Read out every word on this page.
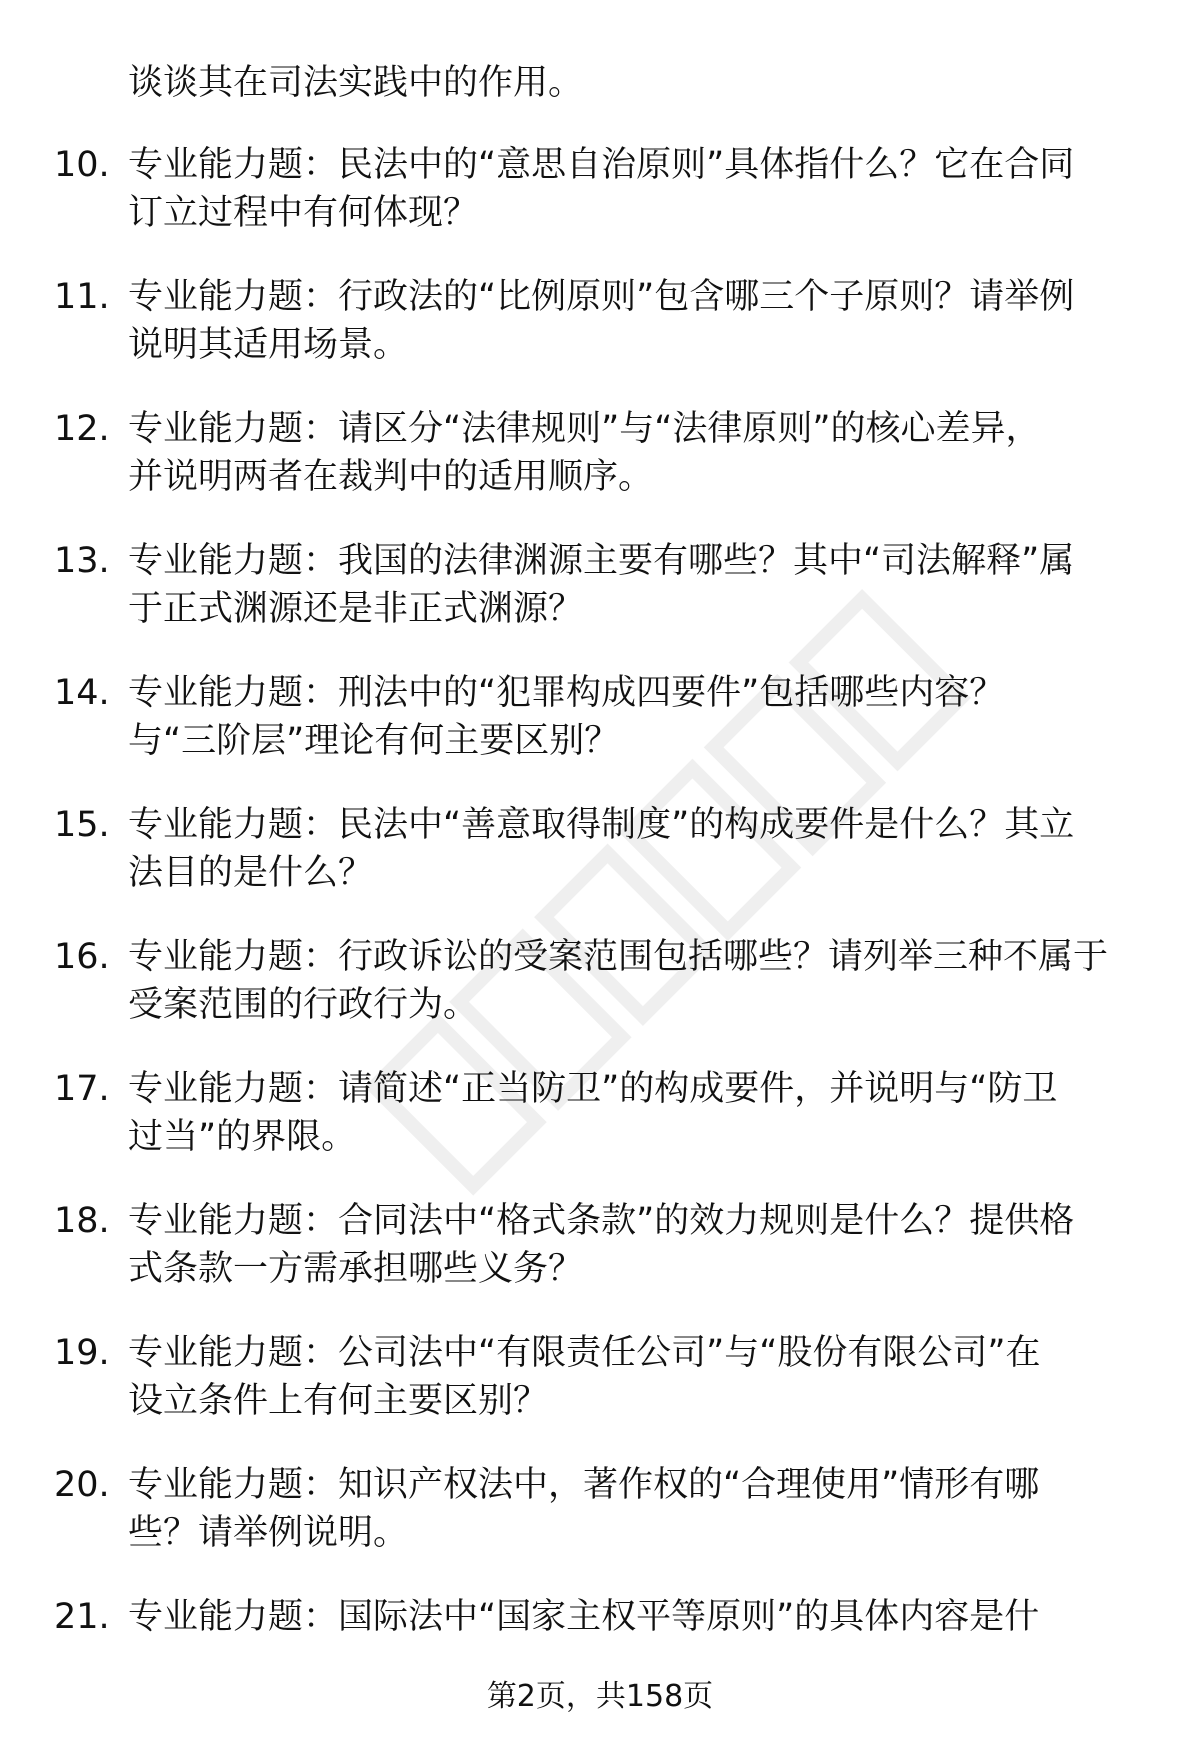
谈谈其在司法实践中的作用。
10. 专业能力题：民法中的“意思自治原则”具体指什么？它在合同
订立过程中有何体现？
11. 专业能力题：行政法的“比例原则”包含哪三个子原则？请举例
说明其适用场景。
12. 专业能力题：请区分“法律规则”与“法律原则”的核心差异，
并说明两者在裁判中的适用顺序。
13. 专业能力题：我国的法律渊源主要有哪些？其中“司法解释”属
于正式渊源还是非正式渊源？
14. 专业能力题：刑法中的“犯罪构成四要件”包括哪些内容？
与“三阶层”理论有何主要区别？
15. 专业能力题：民法中“善意取得制度”的构成要件是什么？其立
法目的是什么？
16. 专业能力题：行政诉讼的受案范围包括哪些？请列举三种不属于
受案范围的行政行为。
17. 专业能力题：请简述“正当防卫”的构成要件，并说明与“防卫
过当”的界限。
18. 专业能力题：合同法中“格式条款”的效力规则是什么？提供格
式条款一方需承担哪些义务？
19. 专业能力题：公司法中“有限责任公司”与“股份有限公司”在
设立条件上有何主要区别？
20. 专业能力题：知识产权法中，著作权的“合理使用”情形有哪
些？请举例说明。
21. 专业能力题：国际法中“国家主权平等原则”的具体内容是什
第2页，共158页
